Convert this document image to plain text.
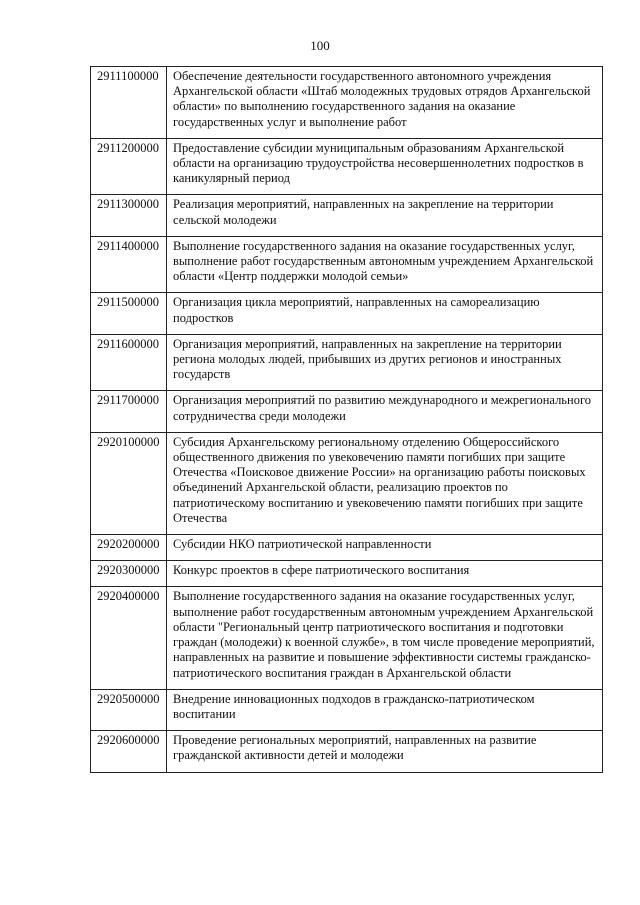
100
2911100000	Обеспечение деятельности государственного автономного учреждения Архангельской области «Штаб молодежных трудовых отрядов Архангельской области» по выполнению государственного задания на оказание государственных услуг и выполнение работ
2911200000	Предоставление субсидии муниципальным образованиям Архангельской области на организацию трудоустройства несовершеннолетних подростков в каникулярный период
2911300000	Реализация мероприятий, направленных на закрепление на территории сельской молодежи
2911400000	Выполнение государственного задания на оказание государственных услуг, выполнение работ государственным автономным учреждением Архангельской области «Центр поддержки молодой семьи»
2911500000	Организация цикла мероприятий, направленных на самореализацию подростков
2911600000	Организация мероприятий, направленных на закрепление на территории региона молодых людей, прибывших из других регионов и иностранных государств
2911700000	Организация мероприятий по развитию международного и межрегионального сотрудничества среди молодежи
2920100000	Субсидия Архангельскому региональному отделению Общероссийского общественного движения по увековечению памяти погибших при защите Отечества «Поисковое движение России» на организацию работы поисковых объединений Архангельской области, реализацию проектов по патриотическому воспитанию и увековечению памяти погибших при защите Отечества
2920200000	Субсидии НКО патриотической направленности
2920300000	Конкурс проектов в сфере патриотического воспитания
2920400000	Выполнение государственного задания на оказание государственных услуг, выполнение работ государственным автономным учреждением Архангельской области "Региональный центр патриотического воспитания и подготовки граждан (молодежи) к военной службе», в том числе проведение мероприятий, направленных на развитие и повышение эффективности системы гражданско-патриотического воспитания граждан в Архангельской области
2920500000	Внедрение инновационных подходов в гражданско-патриотическом воспитании
2920600000	Проведение региональных мероприятий, направленных на развитие гражданской активности детей и молодежи
